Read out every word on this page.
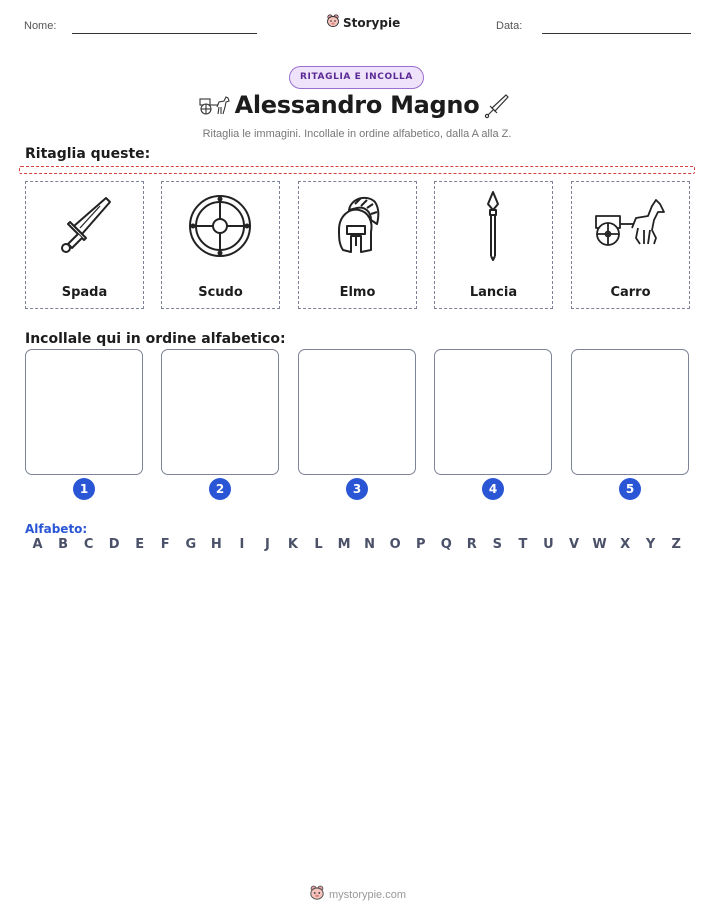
Nome:	Storypie	Data:
RITAGLIA E INCOLLA
Alessandro Magno
Ritaglia le immagini. Incollale in ordine alfabetico, dalla A alla Z.
Ritaglia queste:
Spada	Scudo	Elmo	Lancia	Carro
Incollale qui in ordine alfabetico:
1	2	3	4	5
Alfabeto:
A	B	C	D	E	F	G	H	I	J	K	L	M	N	O	P	Q	R	S	T	U	V	W	X	Y	Z
mystorypie.com
